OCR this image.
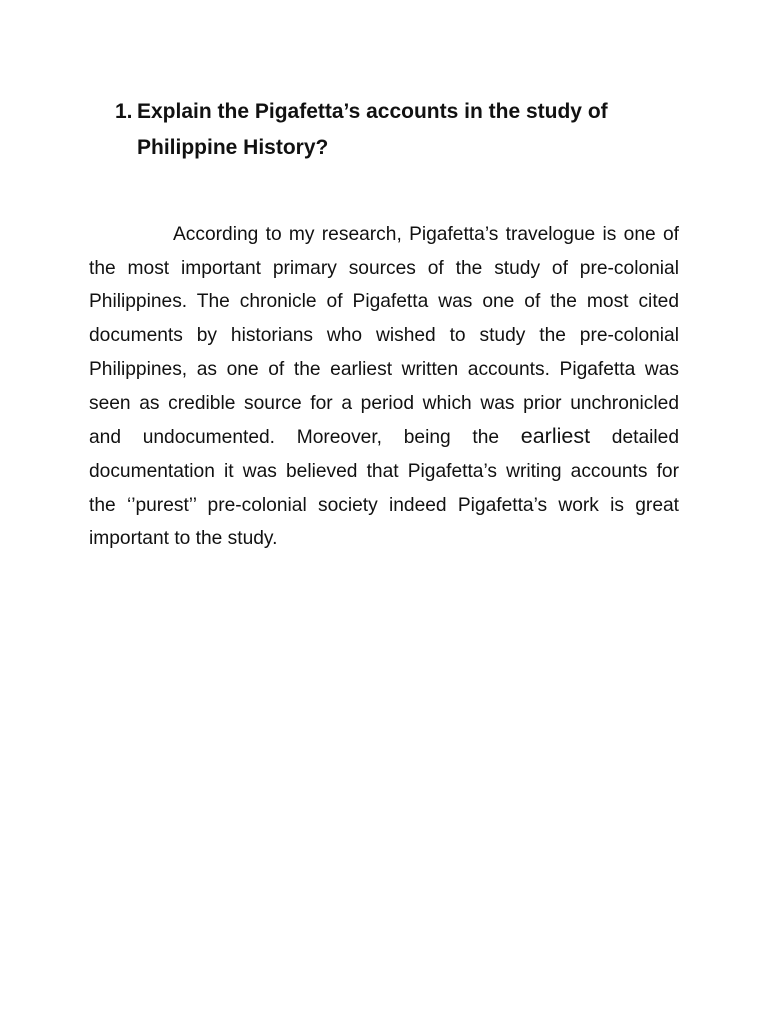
1. Explain the Pigafetta’s accounts in the study of Philippine History?

According to my research, Pigafetta’s travelogue is one of the most important primary sources of the study of pre-colonial Philippines. The chronicle of Pigafetta was one of the most cited documents by historians who wished to study the pre-colonial Philippines, as one of the earliest written accounts. Pigafetta was seen as credible source for a period which was prior unchronicled and undocumented. Moreover, being the earliest detailed documentation it was believed that Pigafetta’s writing accounts for the ‘’purest’’ pre-colonial society indeed Pigafetta’s work is great important to the study.
